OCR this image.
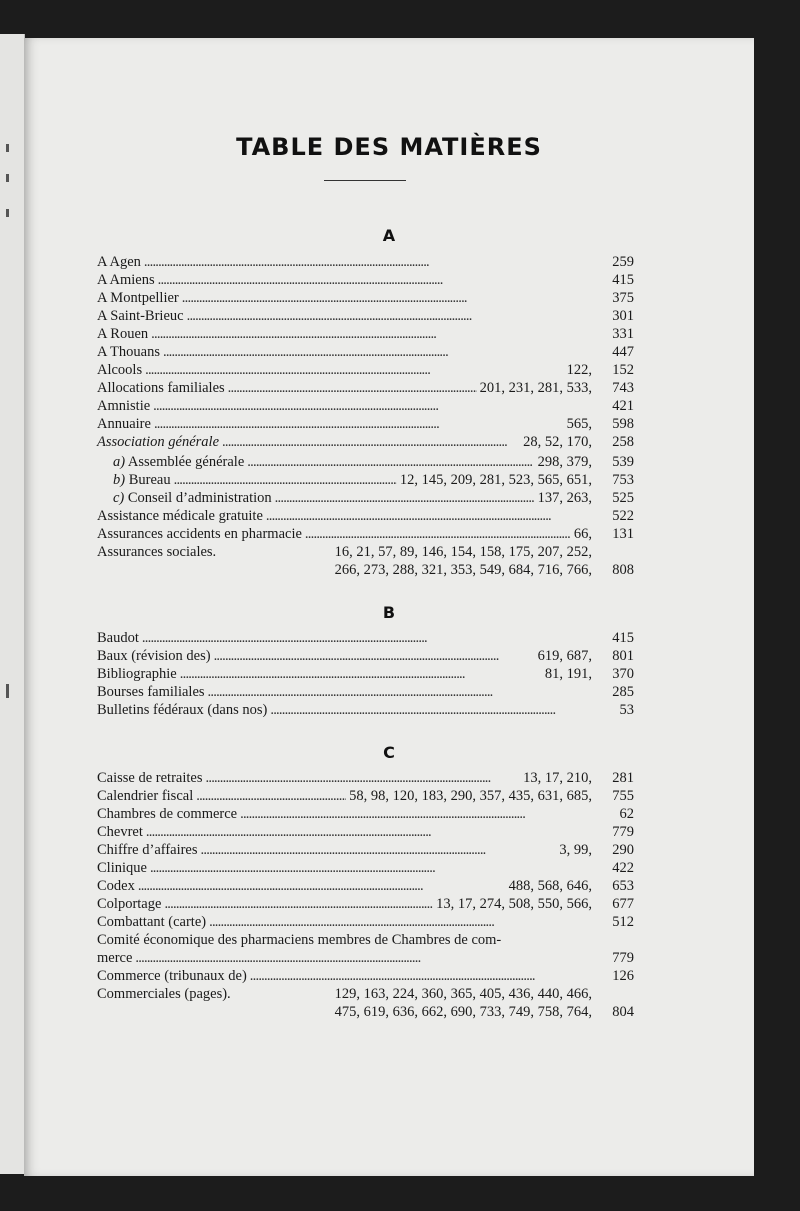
TABLE DES MATIÈRES
A
A Agen . . .	259
A Amiens . . .	415
A Montpellier . . .	375
A Saint-Brieuc . . .	301
A Rouen . . .	331
A Thouans . . .	447
Alcools . . .	122,	152
Allocations familiales . . .	201, 231, 281, 533,	743
Amnistie . . .	421
Annuaire . . .	565,	598
Association générale . . .	28, 52, 170,	258
a) Assemblée générale . . .	298, 379,	539
b) Bureau . . .	12, 145, 209, 281, 523, 565, 651,	753
c) Conseil d’administration . . .	137, 263,	525
Assistance médicale gratuite . . .	522
Assurances accidents en pharmacie . . .	66,	131
Assurances sociales.	16, 21, 57, 89, 146, 154, 158, 175, 207, 252,
266, 273, 288, 321, 353, 549, 684, 716, 766,	808
B
Baudot . . .	415
Baux (révision des) . . .	619, 687,	801
Bibliographie . . .	81, 191,	370
Bourses familiales . . .	285
Bulletins fédéraux (dans nos) . . .	53
C
Caisse de retraites . . .	13, 17, 210,	281
Calendrier fiscal . . .	58, 98, 120, 183, 290, 357, 435, 631, 685,	755
Chambres de commerce . . .	62
Chevret . . .	779
Chiffre d’affaires . . .	3, 99,	290
Clinique . . .	422
Codex . . .	488, 568, 646,	653
Colportage . . .	13, 17, 274, 508, 550, 566,	677
Combattant (carte) . . .	512
Comité économique des pharmaciens membres de Chambres de com-
merce . . .	779
Commerce (tribunaux de) . . .	126
Commerciales (pages).	129, 163, 224, 360, 365, 405, 436, 440, 466,
475, 619, 636, 662, 690, 733, 749, 758, 764,	804
